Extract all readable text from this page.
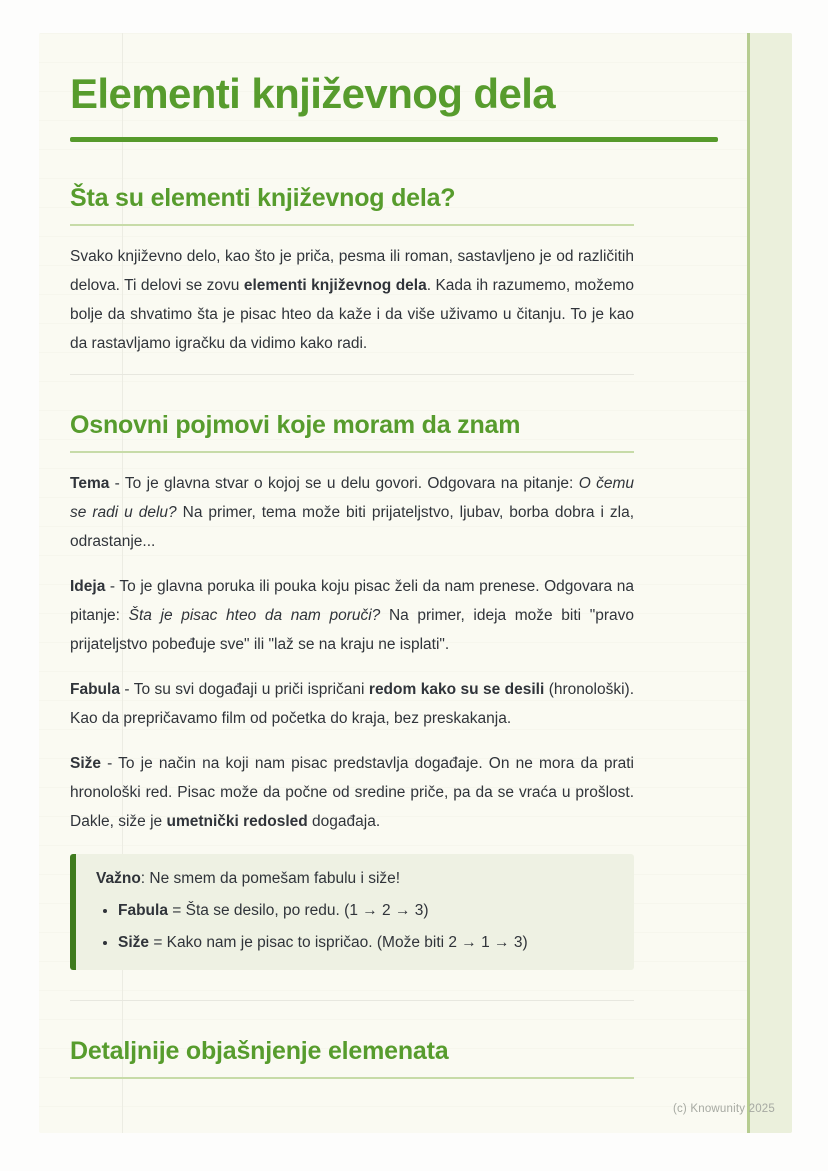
Elementi književnog dela
Šta su elementi književnog dela?

Svako književno delo, kao što je priča, pesma ili roman, sastavljeno je od različitih delova. Ti delovi se zovu elementi književnog dela. Kada ih razumemo, možemo bolje da shvatimo šta je pisac hteo da kaže i da više uživamo u čitanju. To je kao da rastavljamo igračku da vidimo kako radi.

Osnovni pojmovi koje moram da znam

Tema - To je glavna stvar o kojoj se u delu govori. Odgovara na pitanje: O čemu se radi u delu? Na primer, tema može biti prijateljstvo, ljubav, borba dobra i zla, odrastanje...

Ideja - To je glavna poruka ili pouka koju pisac želi da nam prenese. Odgovara na pitanje: Šta je pisac hteo da nam poruči? Na primer, ideja može biti "pravo prijateljstvo pobeđuje sve" ili "laž se na kraju ne isplati".

Fabula - To su svi događaji u priči ispričani redom kako su se desili (hronološki). Kao da prepričavamo film od početka do kraja, bez preskakanja.

Siže - To je način na koji nam pisac predstavlja događaje. On ne mora da prati hronološki red. Pisac može da počne od sredine priče, pa da se vraća u prošlost. Dakle, siže je umetnički redosled događaja.

Važno: Ne smem da pomešam fabulu i siže!

• Fabula = Šta se desilo, po redu. (1 → 2 → 3)
• Siže = Kako nam je pisac to ispričao. (Može biti 2 → 1 → 3)
Detaljnije objašnjenje elemenata
(c) Knowunity 2025
